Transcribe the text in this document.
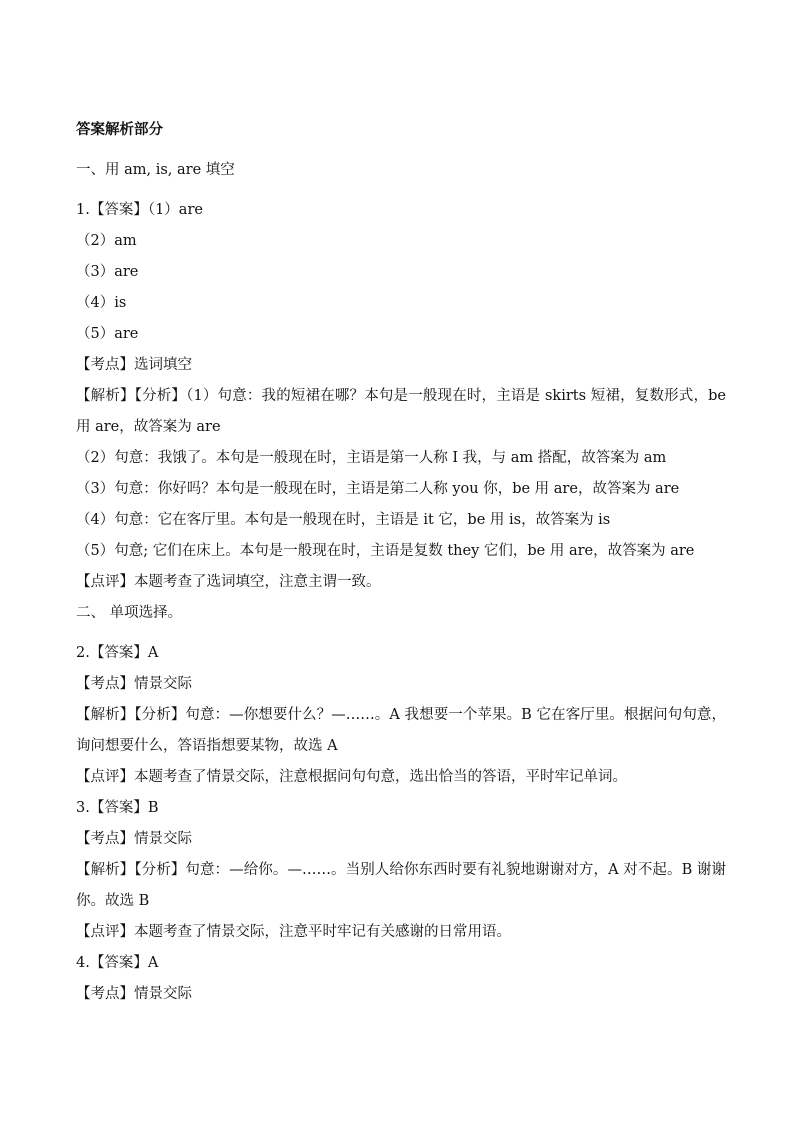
答案解析部分
一、用 am, is, are 填空
1.【答案】（1）are
（2）am
（3）are
（4）is
（5）are
【考点】选词填空
【解析】【分析】（1）句意：我的短裙在哪？本句是一般现在时，主语是 skirts 短裙，复数形式，be 用 are，故答案为 are
（2）句意：我饿了。本句是一般现在时，主语是第一人称 I 我，与 am 搭配，故答案为 am
（3）句意：你好吗？本句是一般现在时，主语是第二人称 you 你，be 用 are，故答案为 are
（4）句意：它在客厅里。本句是一般现在时，主语是 it 它，be 用 is，故答案为 is
（5）句意; 它们在床上。本句是一般现在时，主语是复数 they 它们，be 用 are，故答案为 are
【点评】本题考查了选词填空，注意主谓一致。
二、 单项选择。
2.【答案】A
【考点】情景交际
【解析】【分析】句意：—你想要什么？—……。A 我想要一个苹果。B 它在客厅里。根据问句句意，询问想要什么，答语指想要某物，故选 A
【点评】本题考查了情景交际，注意根据问句句意，选出恰当的答语，平时牢记单词。
3.【答案】B
【考点】情景交际
【解析】【分析】句意：—给你。—……。当别人给你东西时要有礼貌地谢谢对方，A 对不起。B 谢谢你。故选 B
【点评】本题考查了情景交际，注意平时牢记有关感谢的日常用语。
4.【答案】A
【考点】情景交际
